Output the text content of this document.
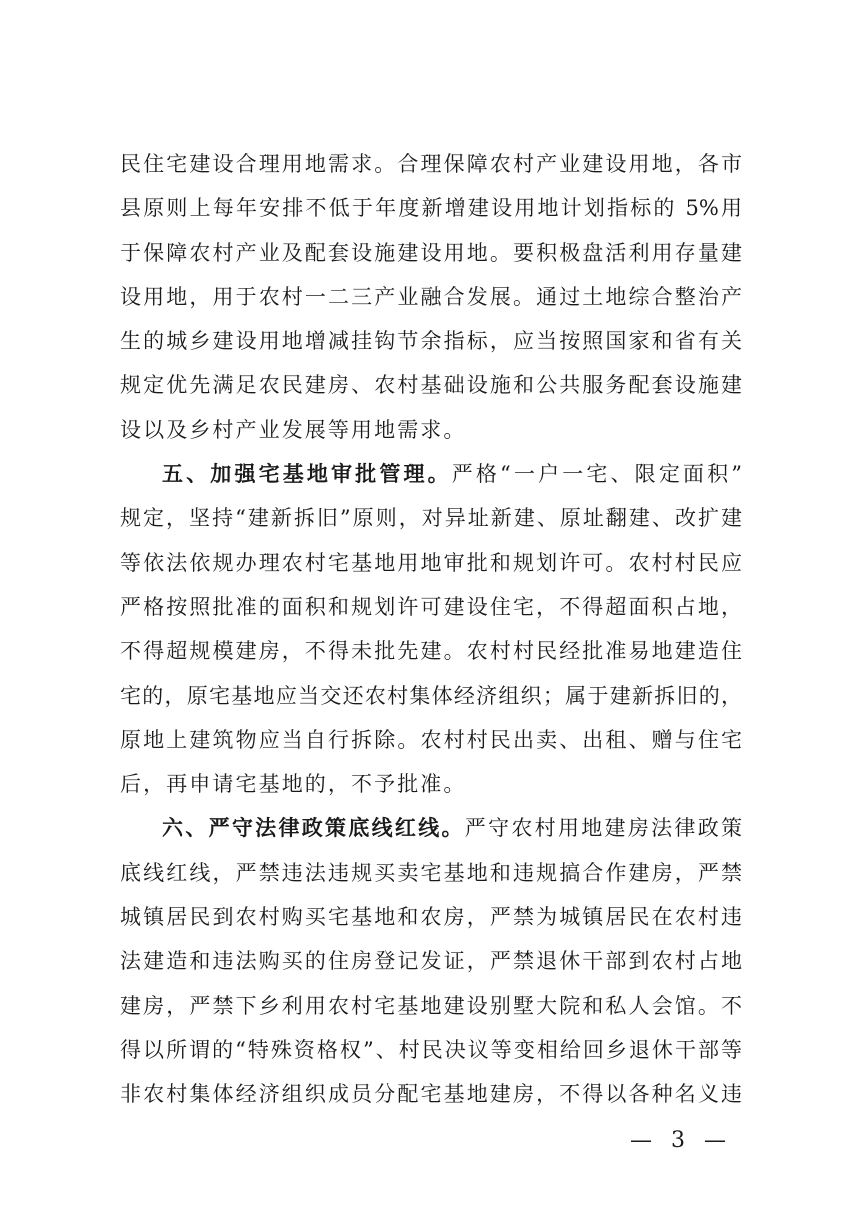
民住宅建设合理用地需求。合理保障农村产业建设用地，各市
县原则上每年安排不低于年度新增建设用地计划指标的 5%用
于保障农村产业及配套设施建设用地。要积极盘活利用存量建
设用地，用于农村一二三产业融合发展。通过土地综合整治产
生的城乡建设用地增减挂钩节余指标，应当按照国家和省有关
规定优先满足农民建房、农村基础设施和公共服务配套设施建
设以及乡村产业发展等用地需求。
五、加强宅基地审批管理。严格“一户一宅、限定面积”
规定，坚持“建新拆旧”原则，对异址新建、原址翻建、改扩建
等依法依规办理农村宅基地用地审批和规划许可。农村村民应
严格按照批准的面积和规划许可建设住宅，不得超面积占地，
不得超规模建房，不得未批先建。农村村民经批准易地建造住
宅的，原宅基地应当交还农村集体经济组织；属于建新拆旧的，
原地上建筑物应当自行拆除。农村村民出卖、出租、赠与住宅
后，再申请宅基地的，不予批准。
六、严守法律政策底线红线。严守农村用地建房法律政策
底线红线，严禁违法违规买卖宅基地和违规搞合作建房，严禁
城镇居民到农村购买宅基地和农房，严禁为城镇居民在农村违
法建造和违法购买的住房登记发证，严禁退休干部到农村占地
建房，严禁下乡利用农村宅基地建设别墅大院和私人会馆。不
得以所谓的“特殊资格权”、村民决议等变相给回乡退休干部等
非农村集体经济组织成员分配宅基地建房，不得以各种名义违
— 3 —
